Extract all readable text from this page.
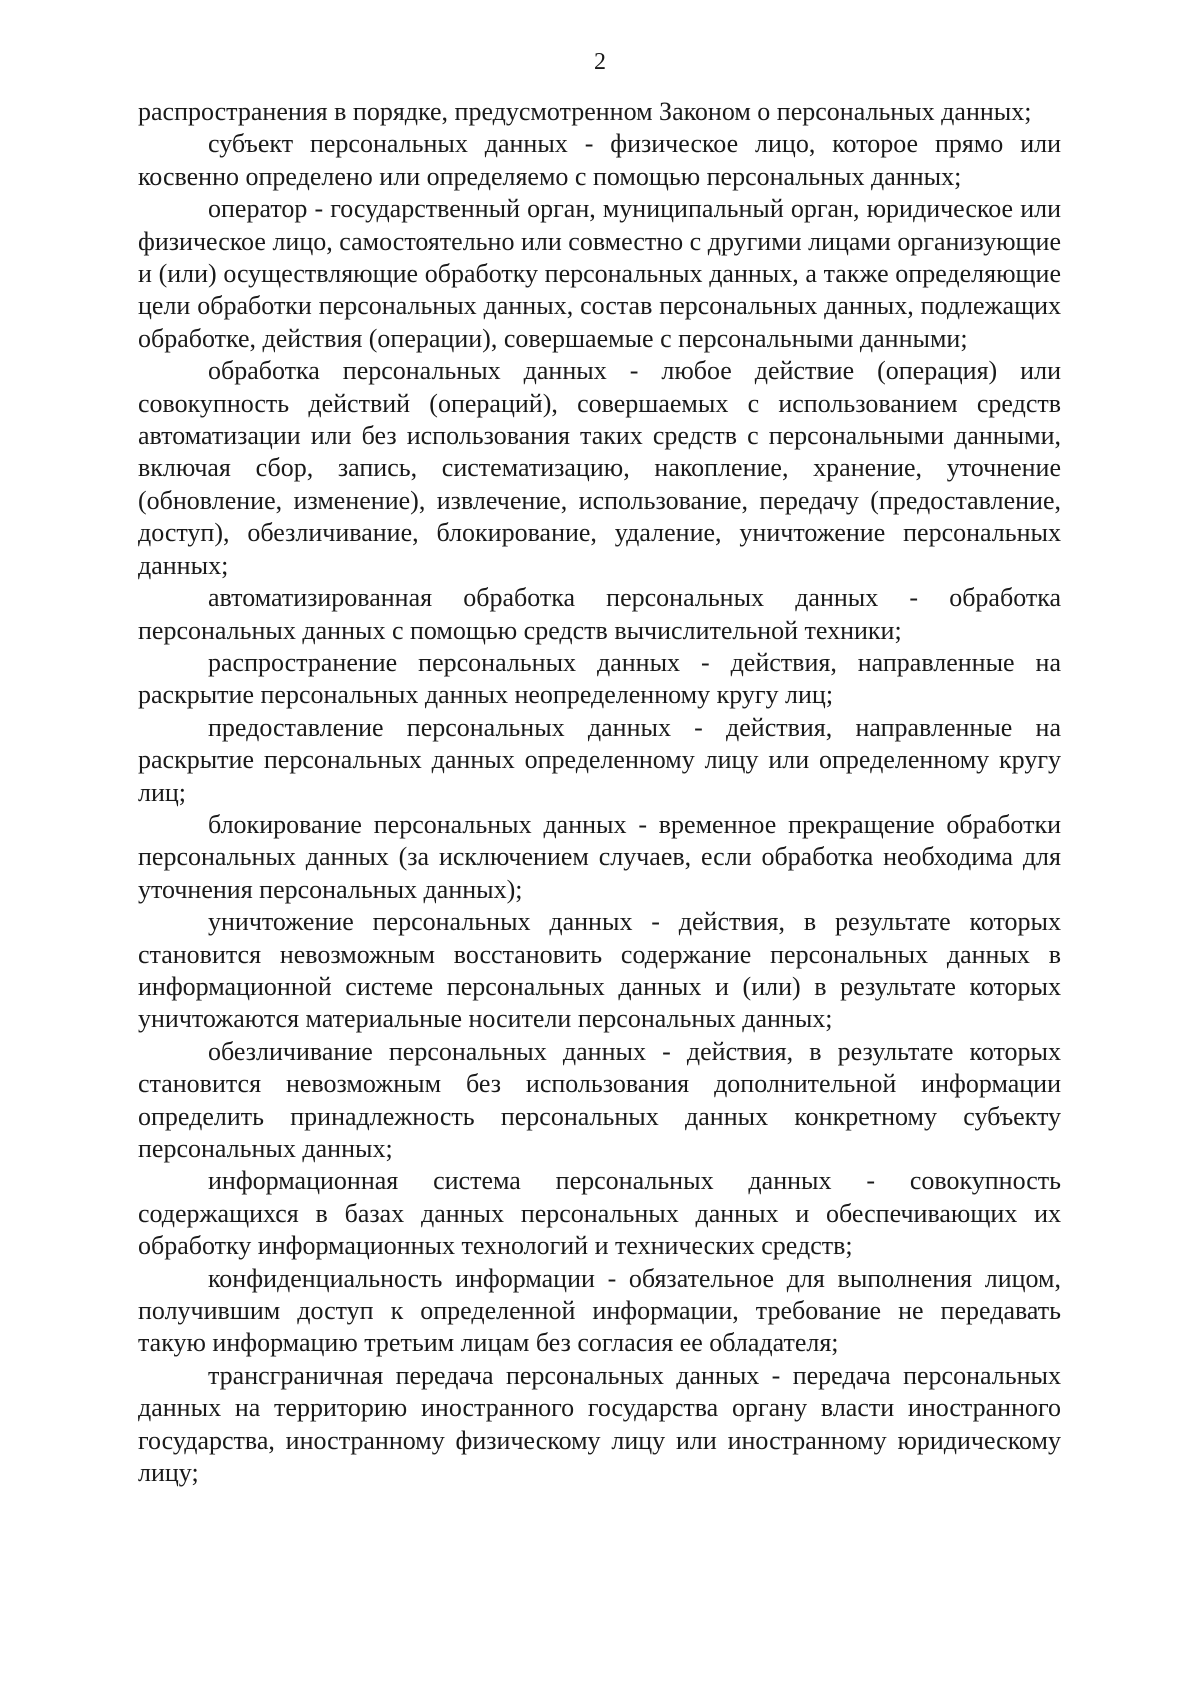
2

распространения в порядке, предусмотренном Законом о персональных данных;

субъект персональных данных - физическое лицо, которое прямо или косвенно определено или определяемо с помощью персональных данных;

оператор - государственный орган, муниципальный орган, юридическое или физическое лицо, самостоятельно или совместно с другими лицами организующие и (или) осуществляющие обработку персональных данных, а также определяющие цели обработки персональных данных, состав персональных данных, подлежащих обработке, действия (операции), совершаемые с персональными данными;

обработка персональных данных - любое действие (операция) или совокупность действий (операций), совершаемых с использованием средств автоматизации или без использования таких средств с персональными данными, включая сбор, запись, систематизацию, накопление, хранение, уточнение (обновление, изменение), извлечение, использование, передачу (предоставление, доступ), обезличивание, блокирование, удаление, уничтожение персональных данных;

автоматизированная обработка персональных данных - обработка персональных данных с помощью средств вычислительной техники;

распространение персональных данных - действия, направленные на раскрытие персональных данных неопределенному кругу лиц;

предоставление персональных данных - действия, направленные на раскрытие персональных данных определенному лицу или определенному кругу лиц;

блокирование персональных данных - временное прекращение обработки персональных данных (за исключением случаев, если обработка необходима для уточнения персональных данных);

уничтожение персональных данных - действия, в результате которых становится невозможным восстановить содержание персональных данных в информационной системе персональных данных и (или) в результате которых уничтожаются материальные носители персональных данных;

обезличивание персональных данных - действия, в результате которых становится невозможным без использования дополнительной информации определить принадлежность персональных данных конкретному субъекту персональных данных;

информационная система персональных данных - совокупность содержащихся в базах данных персональных данных и обеспечивающих их обработку информационных технологий и технических средств;

конфиденциальность информации - обязательное для выполнения лицом, получившим доступ к определенной информации, требование не передавать такую информацию третьим лицам без согласия ее обладателя;

трансграничная передача персональных данных - передача персональных данных на территорию иностранного государства органу власти иностранного государства, иностранному физическому лицу или иностранному юридическому лицу;
